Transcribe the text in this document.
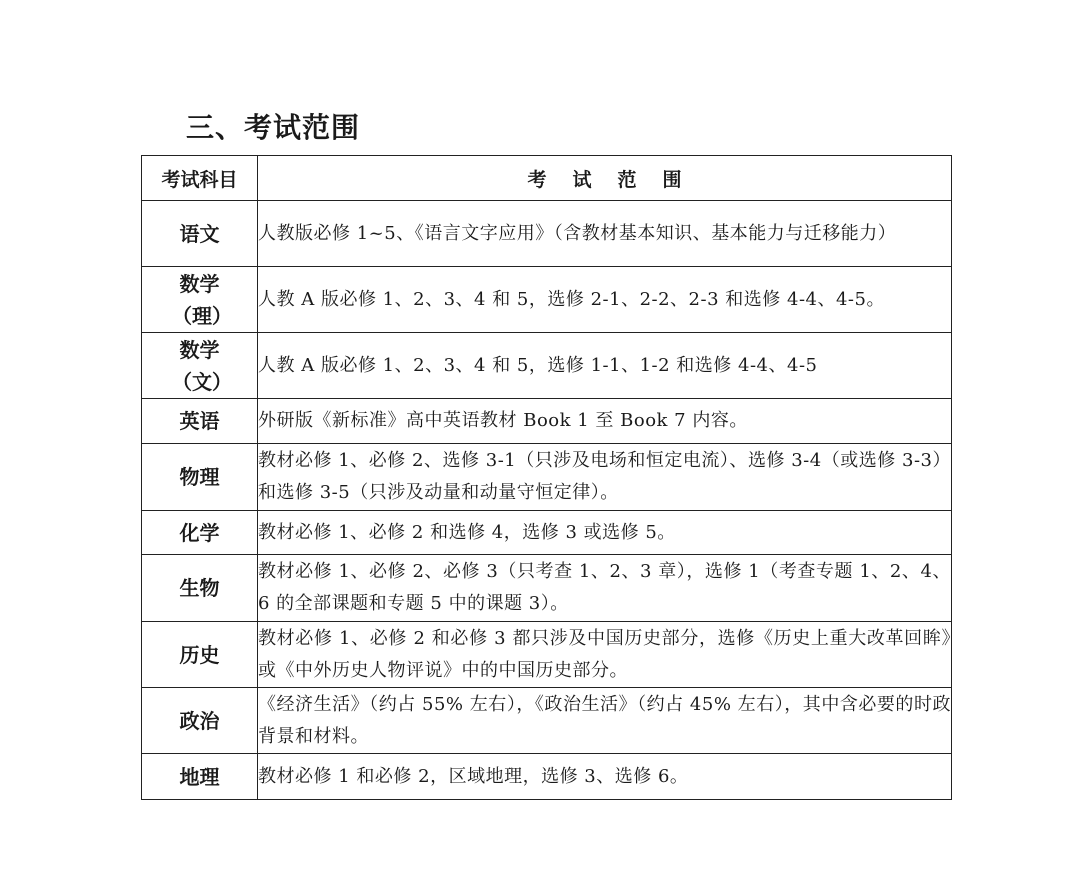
三、考试范围
考试科目	考试范围
语文	人教版必修 1~5、《语言文字应用》（含教材基本知识、基本能力与迁移能力）
数学（理）	人教 A 版必修 1、2、3、4 和 5，选修 2-1、2-2、2-3 和选修 4-4、4-5。
数学（文）	人教 A 版必修 1、2、3、4 和 5，选修 1-1、1-2 和选修 4-4、4-5
英语	外研版《新标准》高中英语教材 Book 1 至 Book 7 内容。
物理	教材必修 1、必修 2、选修 3-1（只涉及电场和恒定电流）、选修 3-4（或选修 3-3）和选修 3-5（只涉及动量和动量守恒定律）。
化学	教材必修 1、必修 2 和选修 4，选修 3 或选修 5。
生物	教材必修 1、必修 2、必修 3（只考查 1、2、3 章），选修 1（考查专题 1、2、4、6 的全部课题和专题 5 中的课题 3）。
历史	教材必修 1、必修 2 和必修 3 都只涉及中国历史部分，选修《历史上重大改革回眸》或《中外历史人物评说》中的中国历史部分。
政治	《经济生活》（约占 55% 左右），《政治生活》（约占 45% 左右），其中含必要的时政背景和材料。
地理	教材必修 1 和必修 2，区域地理，选修 3、选修 6。
